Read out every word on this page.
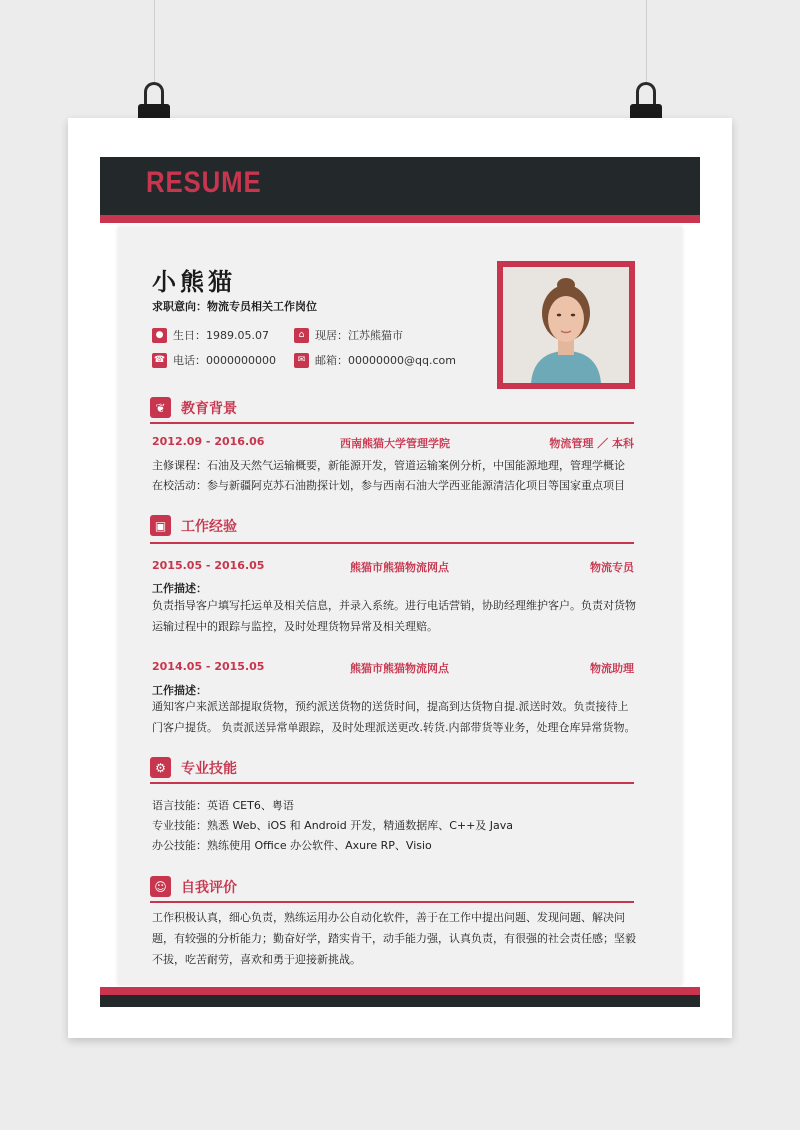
RESUME
小熊猫
求职意向：物流专员相关工作岗位
● 生日：1989.05.07	⌂ 现居：江苏熊猫市
☎ 电话：0000000000	✉ 邮箱：00000000@qq.com
❦	教育背景
2012.09 - 2016.06	西南熊猫大学管理学院	物流管理 ／ 本科
主修课程：石油及天然气运输概要，新能源开发，管道运输案例分析，中国能源地理，管理学概论
在校活动：参与新疆阿克苏石油勘探计划，参与西南石油大学西亚能源清洁化项目等国家重点项目
▣	工作经验
2015.05 - 2016.05	熊猫市熊猫物流网点	物流专员
工作描述：
负责指导客户填写托运单及相关信息，并录入系统。进行电话营销，协助经理维护客户。负责对货物运输过程中的跟踪与监控，及时处理货物异常及相关理赔。
2014.05 - 2015.05	熊猫市熊猫物流网点	物流助理
工作描述：
通知客户来派送部提取货物，预约派送货物的送货时间，提高到达货物自提.派送时效。负责接待上门客户提货。 负责派送异常单跟踪，及时处理派送更改.转货.内部带货等业务，处理仓库异常货物。
⚙	专业技能
语言技能：英语 CET6、粤语
专业技能：熟悉 Web、iOS 和 Android 开发，精通数据库、C++及 Java
办公技能：熟练使用 Office 办公软件、Axure RP、Visio
☺	自我评价
工作积极认真，细心负责，熟练运用办公自动化软件，善于在工作中提出问题、发现问题、解决问题，有较强的分析能力；勤奋好学，踏实肯干，动手能力强，认真负责，有很强的社会责任感；坚毅不拔，吃苦耐劳，喜欢和勇于迎接新挑战。
